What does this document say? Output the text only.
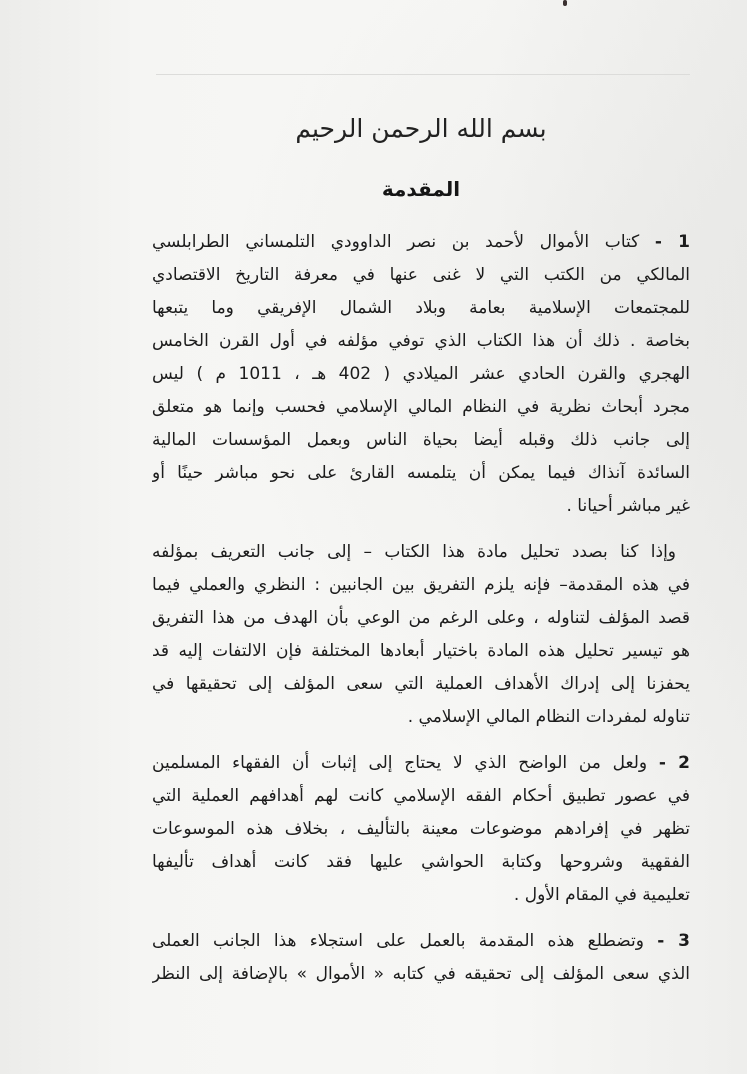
بسم الله الرحمن الرحيم
المقدمة
1 - كتاب الأموال لأحمد بن نصر الداوودي التلمساني الطرابلسي
المالكي من الكتب التي لا غنى عنها في معرفة التاريخ الاقتصادي
للمجتمعات الإسلامية بعامة وبلاد الشمال الإفريقي وما يتبعها
بخاصة . ذلك أن هذا الكتاب الذي توفي مؤلفه في أول القرن الخامس
الهجري والقرن الحادي عشر الميلادي ( 402 هـ ، 1011 م ) ليس
مجرد أبحاث نظرية في النظام المالي الإسلامي فحسب وإنما هو متعلق
إلى جانب ذلك وقبله أيضا بحياة الناس وبعمل المؤسسات المالية
السائدة آنذاك فيما يمكن أن يتلمسه القارئ على نحو مباشر حينًا أو
غير مباشر أحيانا .
وإذا كنا بصدد تحليل مادة هذا الكتاب – إلى جانب التعريف بمؤلفه
في هذه المقدمة– فإنه يلزم التفريق بين الجانبين : النظري والعملي فيما
قصد المؤلف لتناوله ، وعلى الرغم من الوعي بأن الهدف من هذا التفريق
هو تيسير تحليل هذه المادة باختيار أبعادها المختلفة فإن الالتفات إليه قد
يحفزنا إلى إدراك الأهداف العملية التي سعى المؤلف إلى تحقيقها في
تناوله لمفردات النظام المالي الإسلامي .
2 - ولعل من الواضح الذي لا يحتاج إلى إثبات أن الفقهاء المسلمين
في عصور تطبيق أحكام الفقه الإسلامي كانت لهم أهدافهم العملية التي
تظهر في إفرادهم موضوعات معينة بالتأليف ، بخلاف هذه الموسوعات
الفقهية وشروحها وكتابة الحواشي عليها فقد كانت أهداف تأليفها
تعليمية في المقام الأول .
3 - وتضطلع هذه المقدمة بالعمل على استجلاء هذا الجانب العملى
الذي سعى المؤلف إلى تحقيقه في كتابه « الأموال » بالإضافة إلى النظر
